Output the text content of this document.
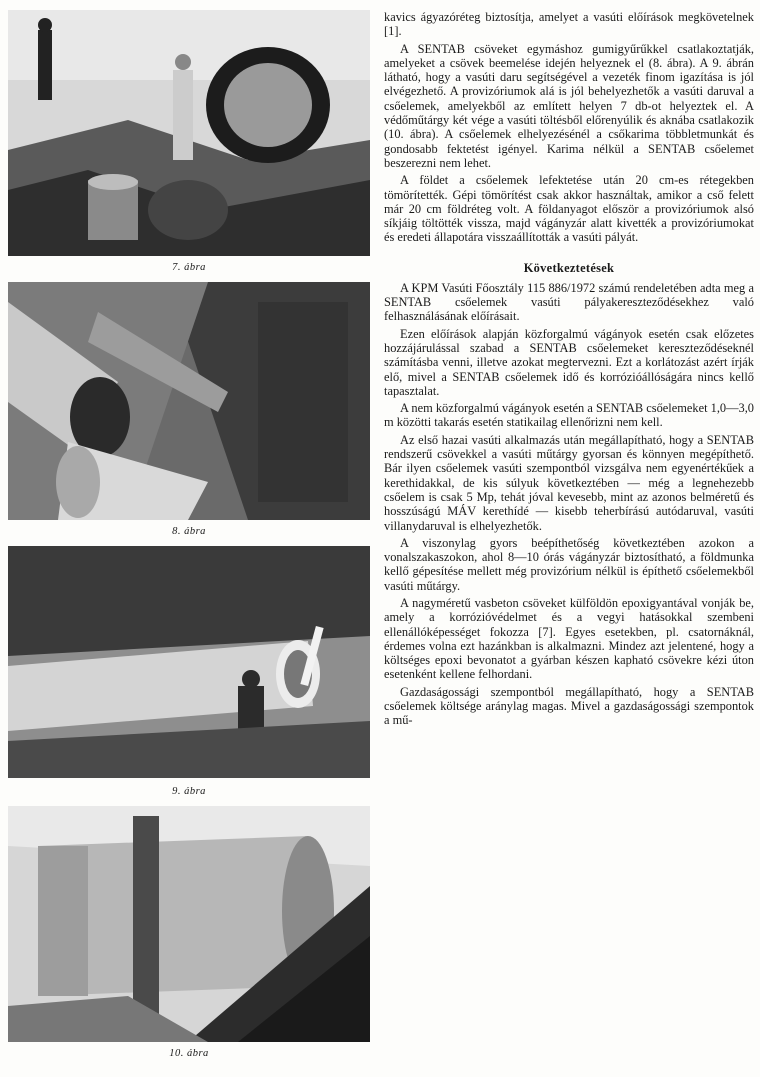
7. ábra
8. ábra
9. ábra
10. ábra

kavics ágyazóréteg biztosítja, amelyet a vasúti előírások megkövetelnek [1].

A SENTAB csöveket egymáshoz gumigyűrűkkel csatlakoztatják, amelyeket a csövek beemelése idején helyeznek el (8. ábra). A 9. ábrán látható, hogy a vasúti daru segítségével a vezeték finom igazítása is jól elvégezhető. A provizóriumok alá is jól behelyezhetők a vasúti daruval a csőelemek, amelyekből az említett helyen 7 db-ot helyeztek el. A védőműtárgy két vége a vasúti töltésből előrenyúlik és aknába csatlakozik (10. ábra). A csőelemek elhelyezésénél a csőkarima többletmunkát és gondosabb fektetést igényel. Karima nélkül a SENTAB csőelemet beszerezni nem lehet.

A földet a csőelemek lefektetése után 20 cm-es rétegekben tömörítették. Gépi tömörítést csak akkor használtak, amikor a cső felett már 20 cm földréteg volt. A földanyagot először a provizóriumok alsó síkjáig töltötték vissza, majd vágányzár alatt kivették a provizóriumokat és eredeti állapotára visszaállították a vasúti pályát.

Következtetések

A KPM Vasúti Főosztály 115 886/1972 számú rendeletében adta meg a SENTAB csőelemek vasúti pályakereszteződésekhez való felhasználásának előírásait.

Ezen előírások alapján közforgalmú vágányok esetén csak előzetes hozzájárulással szabad a SENTAB csőelemeket kereszteződéseknél számításba venni, illetve azokat megtervezni. Ezt a korlátozást azért írják elő, mivel a SENTAB csőelemek idő és korrózióállóságára nincs kellő tapasztalat.

A nem közforgalmú vágányok esetén a SENTAB csőelemeket 1,0—3,0 m közötti takarás esetén statikailag ellenőrizni nem kell.

Az első hazai vasúti alkalmazás után megállapítható, hogy a SENTAB rendszerű csövekkel a vasúti műtárgy gyorsan és könnyen megépíthető. Bár ilyen csőelemek vasúti szempontból vizsgálva nem egyenértékűek a kerethidakkal, de kis súlyuk következtében — még a legnehezebb csőelem is csak 5 Mp, tehát jóval kevesebb, mint az azonos belméretű és hosszúságú MÁV kerethídé — kisebb teherbírású autódaruval, vasúti villanydaruval is elhelyezhetők.

A viszonylag gyors beépíthetőség következtében azokon a vonalszakaszokon, ahol 8—10 órás vágányzár biztosítható, a földmunka kellő gépesítése mellett még provizórium nélkül is építhető csőelemekből vasúti műtárgy.

A nagyméretű vasbeton csöveket külföldön epoxigyantával vonják be, amely a korrózióvédelmet és a vegyi hatásokkal szembeni ellenállóképességet fokozza [7]. Egyes esetekben, pl. csatornáknál, érdemes volna ezt hazánkban is alkalmazni. Mindez azt jelentené, hogy a költséges epoxi bevonatot a gyárban készen kapható csövekre kézi úton esetenként kellene felhordani.

Gazdaságossági szempontból megállapítható, hogy a SENTAB csőelemek költsége aránylag magas. Mivel a gazdaságossági szempontok a mű-
